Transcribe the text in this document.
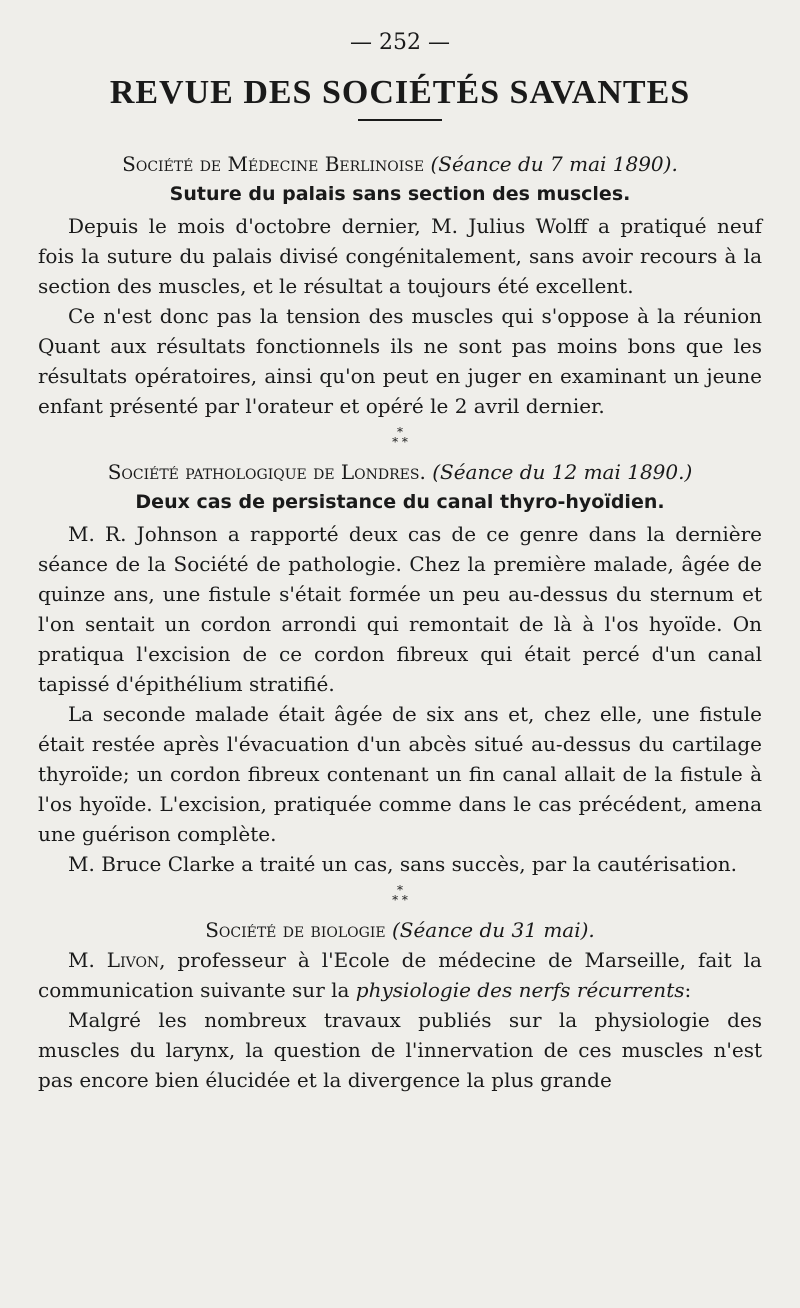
— 252 —
REVUE DES SOCIÉTÉS SAVANTES
Société de Médecine Berlinoise (Séance du 7 mai 1890).
Suture du palais sans section des muscles.

Depuis le mois d'octobre dernier, M. Julius Wolff a pratiqué neuf fois la suture du palais divisé congénitalement, sans avoir recours à la section des muscles, et le résultat a toujours été excellent.

Ce n'est donc pas la tension des muscles qui s'oppose à la réunion Quant aux résultats fonctionnels ils ne sont pas moins bons que les résultats opératoires, ainsi qu'on peut en juger en examinant un jeune enfant présenté par l'orateur et opéré le 2 avril dernier.

*
* *
Société pathologique de Londres. (Séance du 12 mai 1890.)
Deux cas de persistance du canal thyro-hyoïdien.

M. R. Johnson a rapporté deux cas de ce genre dans la dernière séance de la Société de pathologie. Chez la première malade, âgée de quinze ans, une fistule s'était formée un peu au-dessus du sternum et l'on sentait un cordon arrondi qui remontait de là à l'os hyoïde. On pratiqua l'excision de ce cordon fibreux qui était percé d'un canal tapissé d'épithélium stratifié.

La seconde malade était âgée de six ans et, chez elle, une fistule était restée après l'évacuation d'un abcès situé au-dessus du cartilage thyroïde; un cordon fibreux contenant un fin canal allait de la fistule à l'os hyoïde. L'excision, pratiquée comme dans le cas précédent, amena une guérison complète.

M. Bruce Clarke a traité un cas, sans succès, par la cautérisation.

*
* *
Société de biologie (Séance du 31 mai).

M. Livon, professeur à l'Ecole de médecine de Marseille, fait la communication suivante sur la physiologie des nerfs récurrents:

Malgré les nombreux travaux publiés sur la physiologie des muscles du larynx, la question de l'innervation de ces muscles n'est pas encore bien élucidée et la divergence la plus grande
